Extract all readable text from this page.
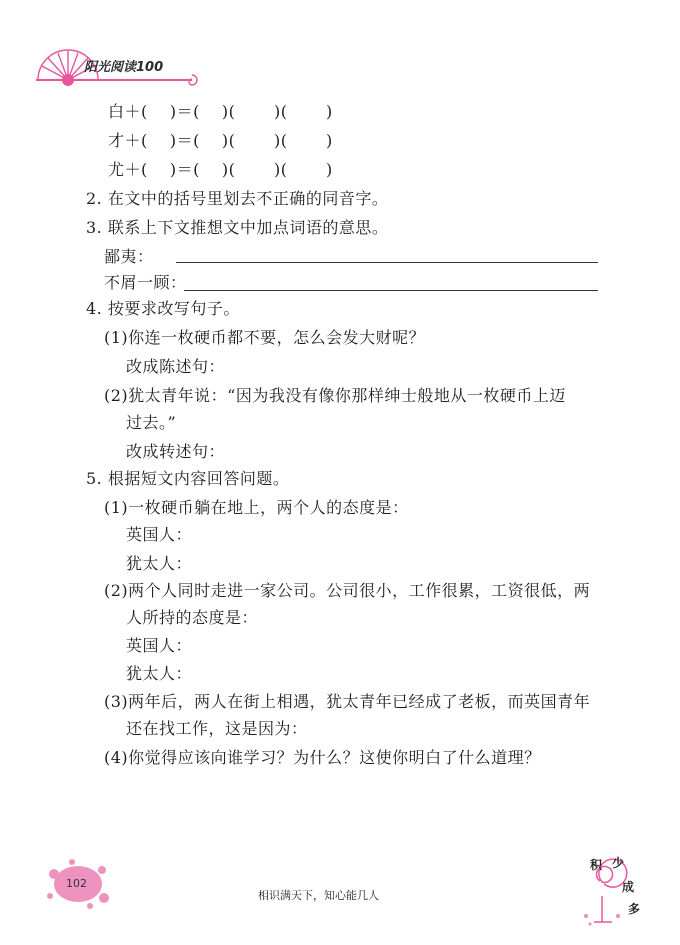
阳光阅读100
白＋(　 )＝(　 )(　　 )(　　 )
才＋(　 )＝(　 )(　　 )(　　 )
尤＋(　 )＝(　 )(　　 )(　　 )
2. 在文中的括号里划去不正确的同音字。
3. 联系上下文推想文中加点词语的意思。
鄙夷：
不屑一顾：
4. 按要求改写句子。
(1)你连一枚硬币都不要，怎么会发大财呢？
改成陈述句：
(2)犹太青年说：“因为我没有像你那样绅士般地从一枚硬币上迈
过去。”
改成转述句：
5. 根据短文内容回答问题。
(1)一枚硬币躺在地上，两个人的态度是：
英国人：
犹太人：
(2)两个人同时走进一家公司。公司很小，工作很累，工资很低，两
人所持的态度是：
英国人：
犹太人：
(3)两年后，两人在街上相遇，犹太青年已经成了老板，而英国青年
还在找工作，这是因为：
(4)你觉得应该向谁学习？为什么？这使你明白了什么道理？
102
相识满天下，知心能几人
积 少
成
多
